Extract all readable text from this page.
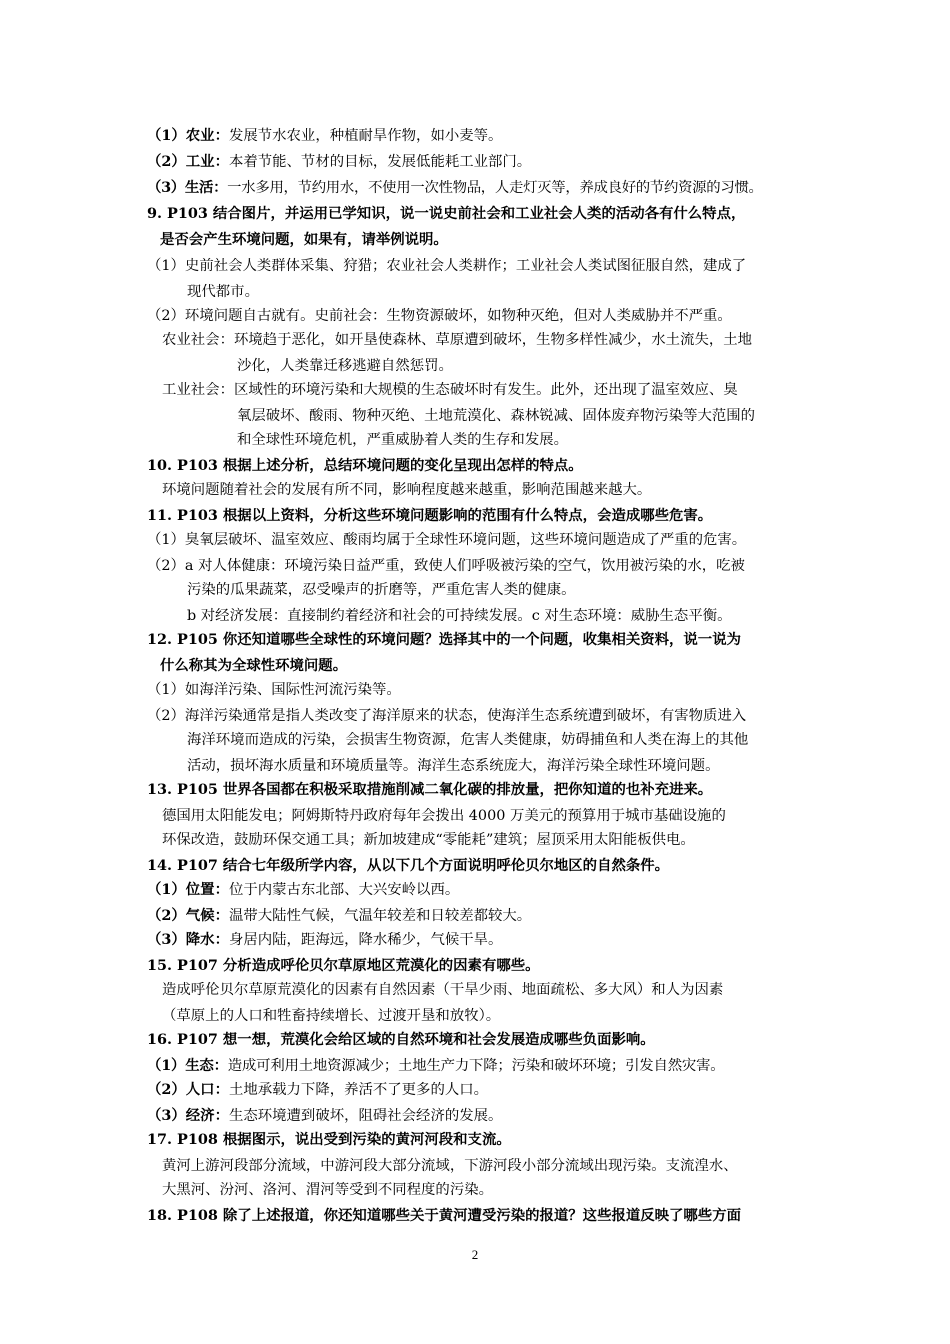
（1）农业：发展节水农业，种植耐旱作物，如小麦等。
（2）工业：本着节能、节材的目标，发展低能耗工业部门。
（3）生活：一水多用，节约用水，不使用一次性物品，人走灯灭等，养成良好的节约资源的习惯。
9. P103 结合图片，并运用已学知识，说一说史前社会和工业社会人类的活动各有什么特点，
是否会产生环境问题，如果有，请举例说明。
（1）史前社会人类群体采集、狩猎；农业社会人类耕作；工业社会人类试图征服自然，建成了
现代都市。
（2）环境问题自古就有。史前社会：生物资源破坏，如物种灭绝，但对人类威胁并不严重。
农业社会：环境趋于恶化，如开垦使森林、草原遭到破坏，生物多样性减少，水土流失，土地
沙化，人类靠迁移逃避自然惩罚。
工业社会：区域性的环境污染和大规模的生态破坏时有发生。此外，还出现了温室效应、臭
氧层破坏、酸雨、物种灭绝、土地荒漠化、森林锐减、固体废弃物污染等大范围的
和全球性环境危机，严重威胁着人类的生存和发展。
10. P103 根据上述分析，总结环境问题的变化呈现出怎样的特点。
环境问题随着社会的发展有所不同，影响程度越来越重，影响范围越来越大。
11. P103 根据以上资料，分析这些环境问题影响的范围有什么特点，会造成哪些危害。
（1）臭氧层破坏、温室效应、酸雨均属于全球性环境问题，这些环境问题造成了严重的危害。
（2）a 对人体健康：环境污染日益严重，致使人们呼吸被污染的空气，饮用被污染的水，吃被
污染的瓜果蔬菜，忍受噪声的折磨等，严重危害人类的健康。
b 对经济发展：直接制约着经济和社会的可持续发展。c 对生态环境：威胁生态平衡。
12. P105 你还知道哪些全球性的环境问题？选择其中的一个问题，收集相关资料，说一说为
什么称其为全球性环境问题。
（1）如海洋污染、国际性河流污染等。
（2）海洋污染通常是指人类改变了海洋原来的状态，使海洋生态系统遭到破坏，有害物质进入
海洋环境而造成的污染，会损害生物资源，危害人类健康，妨碍捕鱼和人类在海上的其他
活动，损坏海水质量和环境质量等。海洋生态系统庞大，海洋污染全球性环境问题。
13. P105 世界各国都在积极采取措施削减二氧化碳的排放量，把你知道的也补充进来。
德国用太阳能发电；阿姆斯特丹政府每年会拨出 4000 万美元的预算用于城市基础设施的
环保改造，鼓励环保交通工具；新加坡建成“零能耗”建筑；屋顶采用太阳能板供电。
14. P107 结合七年级所学内容，从以下几个方面说明呼伦贝尔地区的自然条件。
（1）位置：位于内蒙古东北部、大兴安岭以西。
（2）气候：温带大陆性气候，气温年较差和日较差都较大。
（3）降水：身居内陆，距海远，降水稀少，气候干旱。
15. P107 分析造成呼伦贝尔草原地区荒漠化的因素有哪些。
造成呼伦贝尔草原荒漠化的因素有自然因素（干旱少雨、地面疏松、多大风）和人为因素
（草原上的人口和牲畜持续增长、过渡开垦和放牧）。
16. P107 想一想，荒漠化会给区域的自然环境和社会发展造成哪些负面影响。
（1）生态：造成可利用土地资源减少；土地生产力下降；污染和破坏环境；引发自然灾害。
（2）人口：土地承载力下降，养活不了更多的人口。
（3）经济：生态环境遭到破坏，阻碍社会经济的发展。
17. P108 根据图示，说出受到污染的黄河河段和支流。
黄河上游河段部分流域，中游河段大部分流域，下游河段小部分流域出现污染。支流湟水、
大黑河、汾河、洛河、渭河等受到不同程度的污染。
18. P108 除了上述报道，你还知道哪些关于黄河遭受污染的报道？这些报道反映了哪些方面
2
